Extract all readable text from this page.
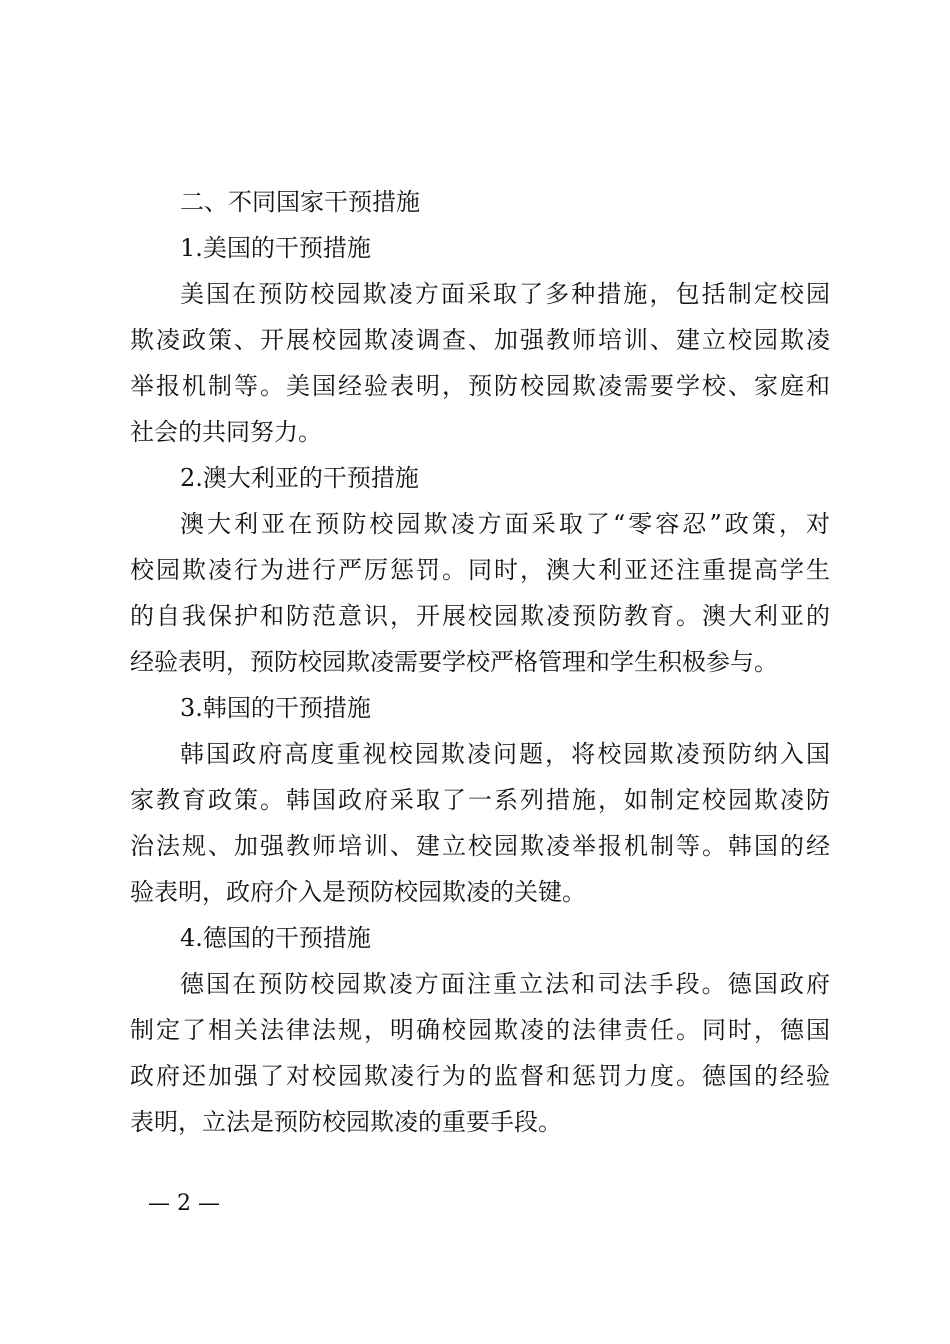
二、不同国家干预措施
1.美国的干预措施
美国在预防校园欺凌方面采取了多种措施，包括制定校园
欺凌政策、开展校园欺凌调查、加强教师培训、建立校园欺凌
举报机制等。美国经验表明，预防校园欺凌需要学校、家庭和
社会的共同努力。
2.澳大利亚的干预措施
澳大利亚在预防校园欺凌方面采取了“零容忍”政策，对
校园欺凌行为进行严厉惩罚。同时，澳大利亚还注重提高学生
的自我保护和防范意识，开展校园欺凌预防教育。澳大利亚的
经验表明，预防校园欺凌需要学校严格管理和学生积极参与。
3.韩国的干预措施
韩国政府高度重视校园欺凌问题，将校园欺凌预防纳入国
家教育政策。韩国政府采取了一系列措施，如制定校园欺凌防
治法规、加强教师培训、建立校园欺凌举报机制等。韩国的经
验表明，政府介入是预防校园欺凌的关键。
4.德国的干预措施
德国在预防校园欺凌方面注重立法和司法手段。德国政府
制定了相关法律法规，明确校园欺凌的法律责任。同时，德国
政府还加强了对校园欺凌行为的监督和惩罚力度。德国的经验
表明，立法是预防校园欺凌的重要手段。
— 2 —
